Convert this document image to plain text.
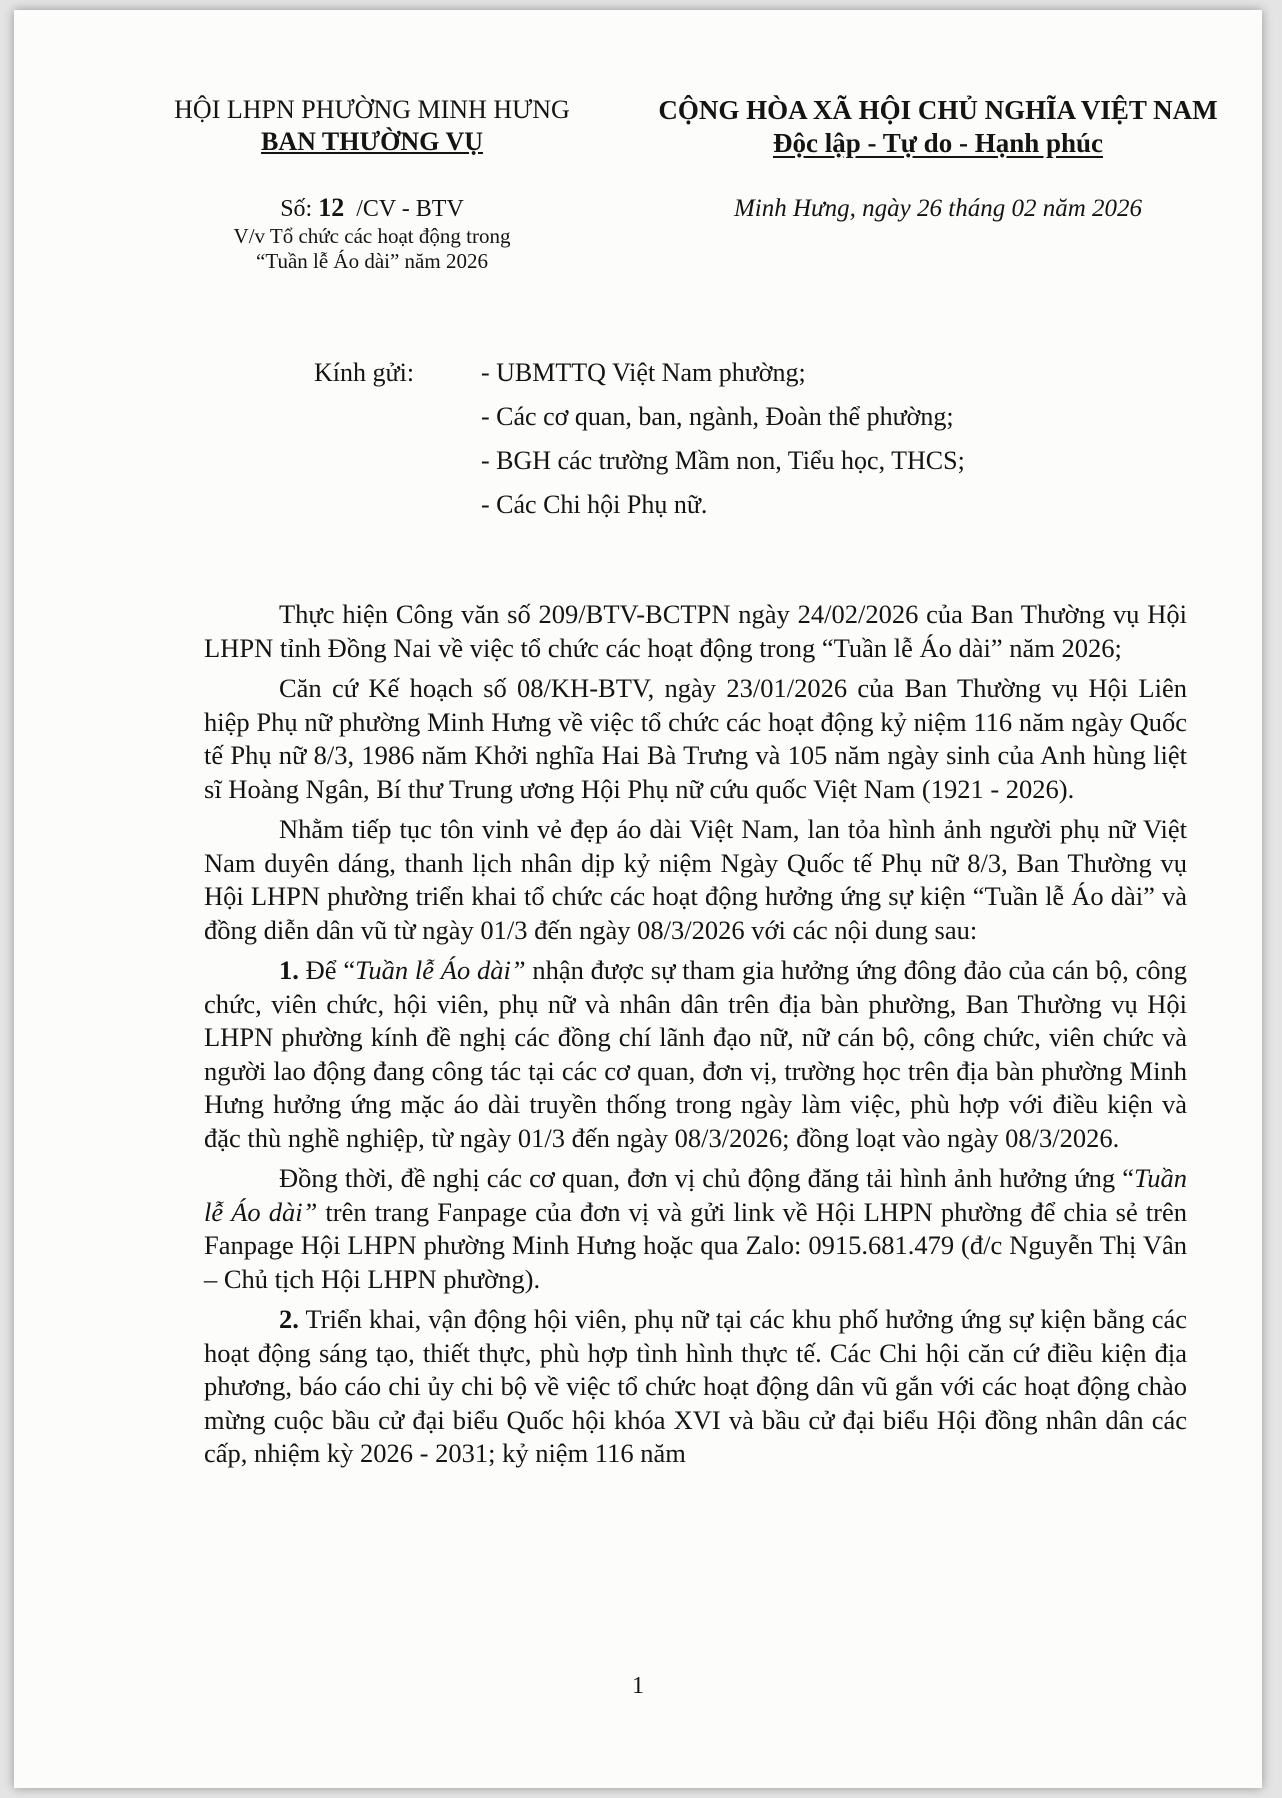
HỘI LHPN PHƯỜNG MINH HƯNG
BAN THƯỜNG VỤ
CỘNG HÒA XÃ HỘI CHỦ NGHĨA VIỆT NAM
Độc lập - Tự do - Hạnh phúc
Số: 12 /CV - BTV
V/v Tổ chức các hoạt động trong
“Tuần lễ Áo dài” năm 2026
Minh Hưng, ngày 26 tháng 02 năm 2026
Kính gửi:	- UBMTTQ Việt Nam phường;
- Các cơ quan, ban, ngành, Đoàn thể phường;
- BGH các trường Mầm non, Tiểu học, THCS;
- Các Chi hội Phụ nữ.

Thực hiện Công văn số 209/BTV-BCTPN ngày 24/02/2026 của Ban Thường vụ Hội LHPN tỉnh Đồng Nai về việc tổ chức các hoạt động trong “Tuần lễ Áo dài” năm 2026;

Căn cứ Kế hoạch số 08/KH-BTV, ngày 23/01/2026 của Ban Thường vụ Hội Liên hiệp Phụ nữ phường Minh Hưng về việc tổ chức các hoạt động kỷ niệm 116 năm ngày Quốc tế Phụ nữ 8/3, 1986 năm Khởi nghĩa Hai Bà Trưng và 105 năm ngày sinh của Anh hùng liệt sĩ Hoàng Ngân, Bí thư Trung ương Hội Phụ nữ cứu quốc Việt Nam (1921 - 2026).

Nhằm tiếp tục tôn vinh vẻ đẹp áo dài Việt Nam, lan tỏa hình ảnh người phụ nữ Việt Nam duyên dáng, thanh lịch nhân dịp kỷ niệm Ngày Quốc tế Phụ nữ 8/3, Ban Thường vụ Hội LHPN phường triển khai tổ chức các hoạt động hưởng ứng sự kiện “Tuần lễ Áo dài” và đồng diễn dân vũ từ ngày 01/3 đến ngày 08/3/2026 với các nội dung sau:

1. Để “Tuần lễ Áo dài” nhận được sự tham gia hưởng ứng đông đảo của cán bộ, công chức, viên chức, hội viên, phụ nữ và nhân dân trên địa bàn phường, Ban Thường vụ Hội LHPN phường kính đề nghị các đồng chí lãnh đạo nữ, nữ cán bộ, công chức, viên chức và người lao động đang công tác tại các cơ quan, đơn vị, trường học trên địa bàn phường Minh Hưng hưởng ứng mặc áo dài truyền thống trong ngày làm việc, phù hợp với điều kiện và đặc thù nghề nghiệp, từ ngày 01/3 đến ngày 08/3/2026; đồng loạt vào ngày 08/3/2026.

Đồng thời, đề nghị các cơ quan, đơn vị chủ động đăng tải hình ảnh hưởng ứng “Tuần lễ Áo dài” trên trang Fanpage của đơn vị và gửi link về Hội LHPN phường để chia sẻ trên Fanpage Hội LHPN phường Minh Hưng hoặc qua Zalo: 0915.681.479 (đ/c Nguyễn Thị Vân – Chủ tịch Hội LHPN phường).

2. Triển khai, vận động hội viên, phụ nữ tại các khu phố hưởng ứng sự kiện bằng các hoạt động sáng tạo, thiết thực, phù hợp tình hình thực tế. Các Chi hội căn cứ điều kiện địa phương, báo cáo chi ủy chi bộ về việc tổ chức hoạt động dân vũ gắn với các hoạt động chào mừng cuộc bầu cử đại biểu Quốc hội khóa XVI và bầu cử đại biểu Hội đồng nhân dân các cấp, nhiệm kỳ 2026 - 2031; kỷ niệm 116 năm

1
